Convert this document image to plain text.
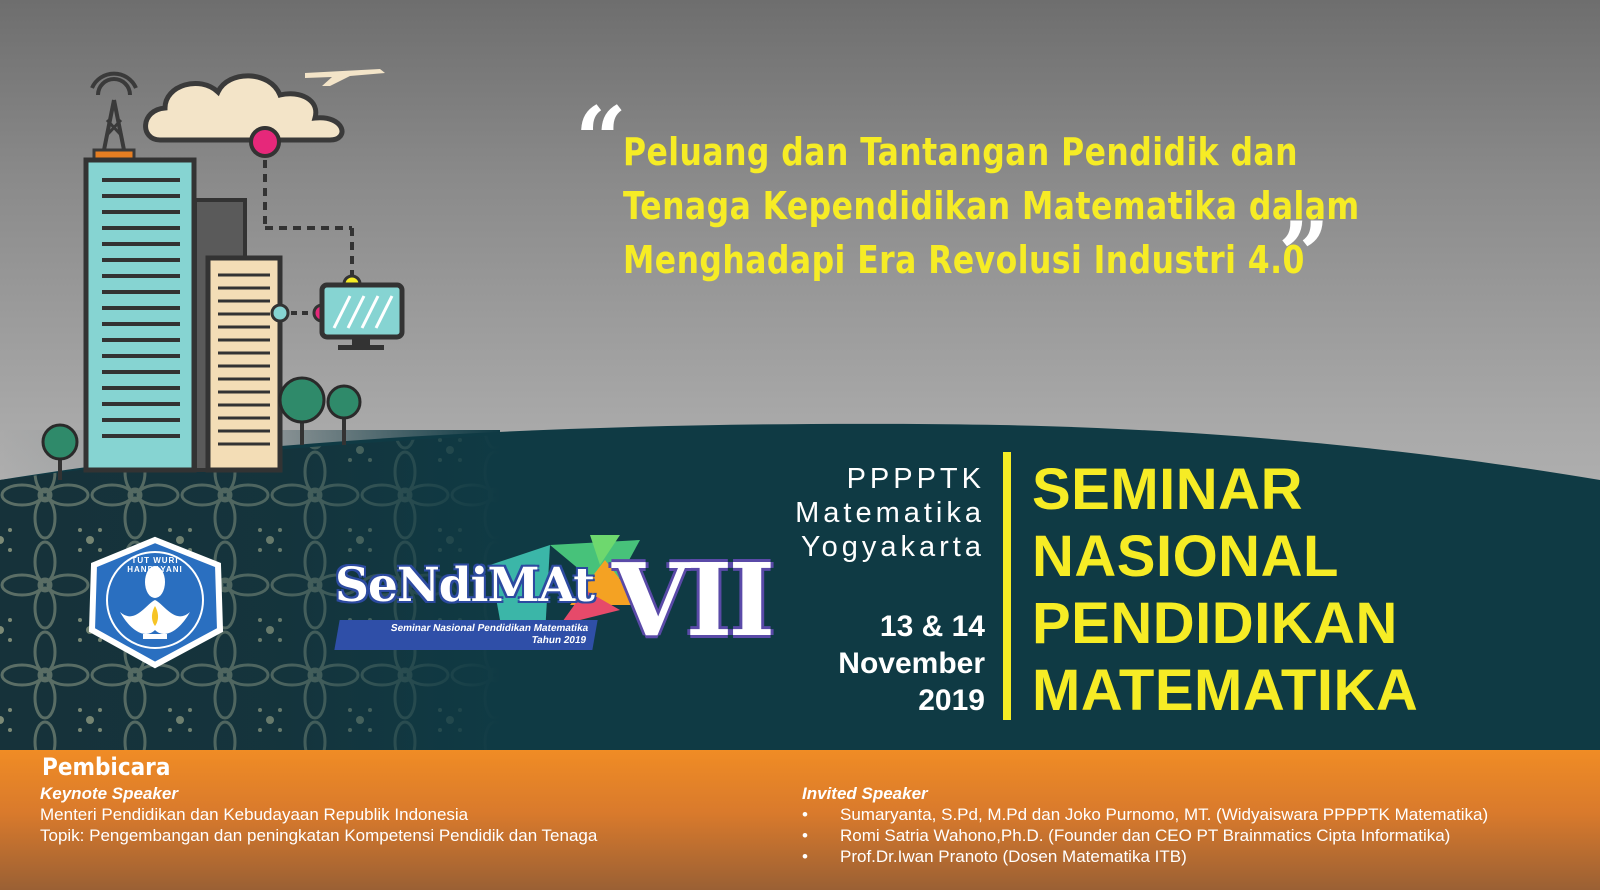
TUT WURI HANDAYANI	SeNdiMAt VII
Seminar Nasional Pendidikan Matematika
Tahun 2019
“
Peluang dan Tantangan Pendidik dan
Tenaga Kependidikan Matematika dalam
Menghadapi Era Revolusi Industri 4.0
”
PPPPTK
Matematika
Yogyakarta
13 & 14
November
2019
SEMINAR
NASIONAL
PENDIDIKAN
MATEMATIKA
Pembicara
Keynote Speaker
Menteri Pendidikan dan Kebudayaan Republik Indonesia
Topik: Pengembangan dan peningkatan Kompetensi Pendidik dan Tenaga
Invited Speaker
• Sumaryanta, S.Pd, M.Pd dan Joko Purnomo, MT. (Widyaiswara PPPPTK Matematika)
• Romi Satria Wahono,Ph.D. (Founder dan CEO PT Brainmatics Cipta Informatika)
• Prof.Dr.Iwan Pranoto (Dosen Matematika ITB)
